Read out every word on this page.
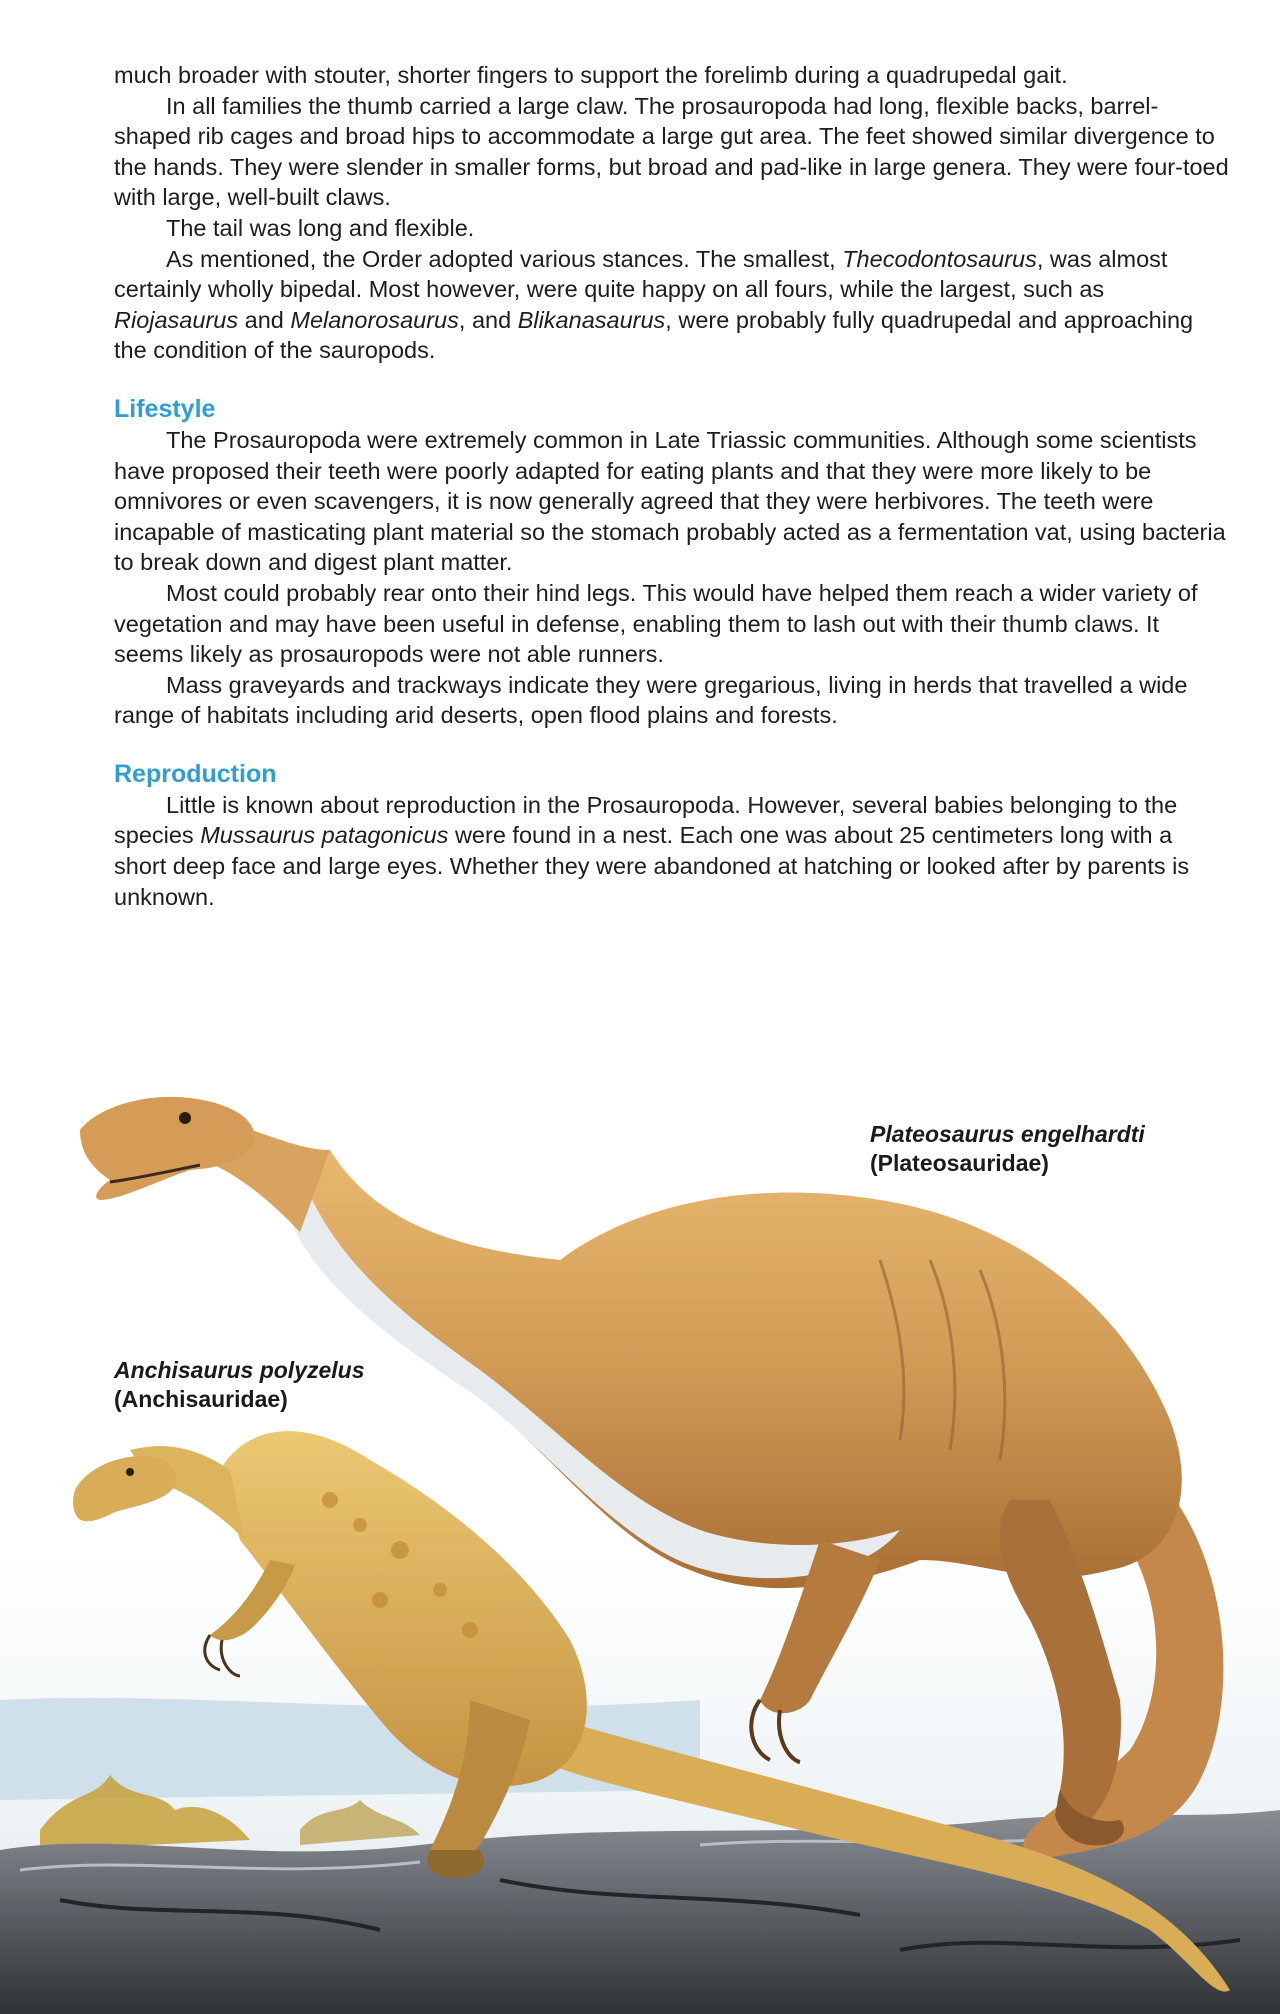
much broader with stouter, shorter fingers to support the forelimb during a quadrupedal gait.

In all families the thumb carried a large claw. The prosauropoda had long, flexible backs, barrel-shaped rib cages and broad hips to accommodate a large gut area. The feet showed similar divergence to the hands. They were slender in smaller forms, but broad and pad-like in large genera. They were four-toed with large, well-built claws.

The tail was long and flexible.

As mentioned, the Order adopted various stances. The smallest, Thecodontosaurus, was almost certainly wholly bipedal. Most however, were quite happy on all fours, while the largest, such as Riojasaurus and Melanorosaurus, and Blikanasaurus, were probably fully quadrupedal and approaching the condition of the sauropods.

Lifestyle

The Prosauropoda were extremely common in Late Triassic communities. Although some scientists have proposed their teeth were poorly adapted for eating plants and that they were more likely to be omnivores or even scavengers, it is now generally agreed that they were herbivores. The teeth were incapable of masticating plant material so the stomach probably acted as a fermentation vat, using bacteria to break down and digest plant matter.

Most could probably rear onto their hind legs. This would have helped them reach a wider variety of vegetation and may have been useful in defense, enabling them to lash out with their thumb claws. It seems likely as prosauropods were not able runners.

Mass graveyards and trackways indicate they were gregarious, living in herds that travelled a wide range of habitats including arid deserts, open flood plains and forests.

Reproduction

Little is known about reproduction in the Prosauropoda. However, several babies belonging to the species Mussaurus patagonicus were found in a nest. Each one was about 25 centimeters long with a short deep face and large eyes. Whether they were abandoned at hatching or looked after by parents is unknown.

Plateosaurus engelhardti
(Plateosauridae)
Anchisaurus polyzelus
(Anchisauridae)
